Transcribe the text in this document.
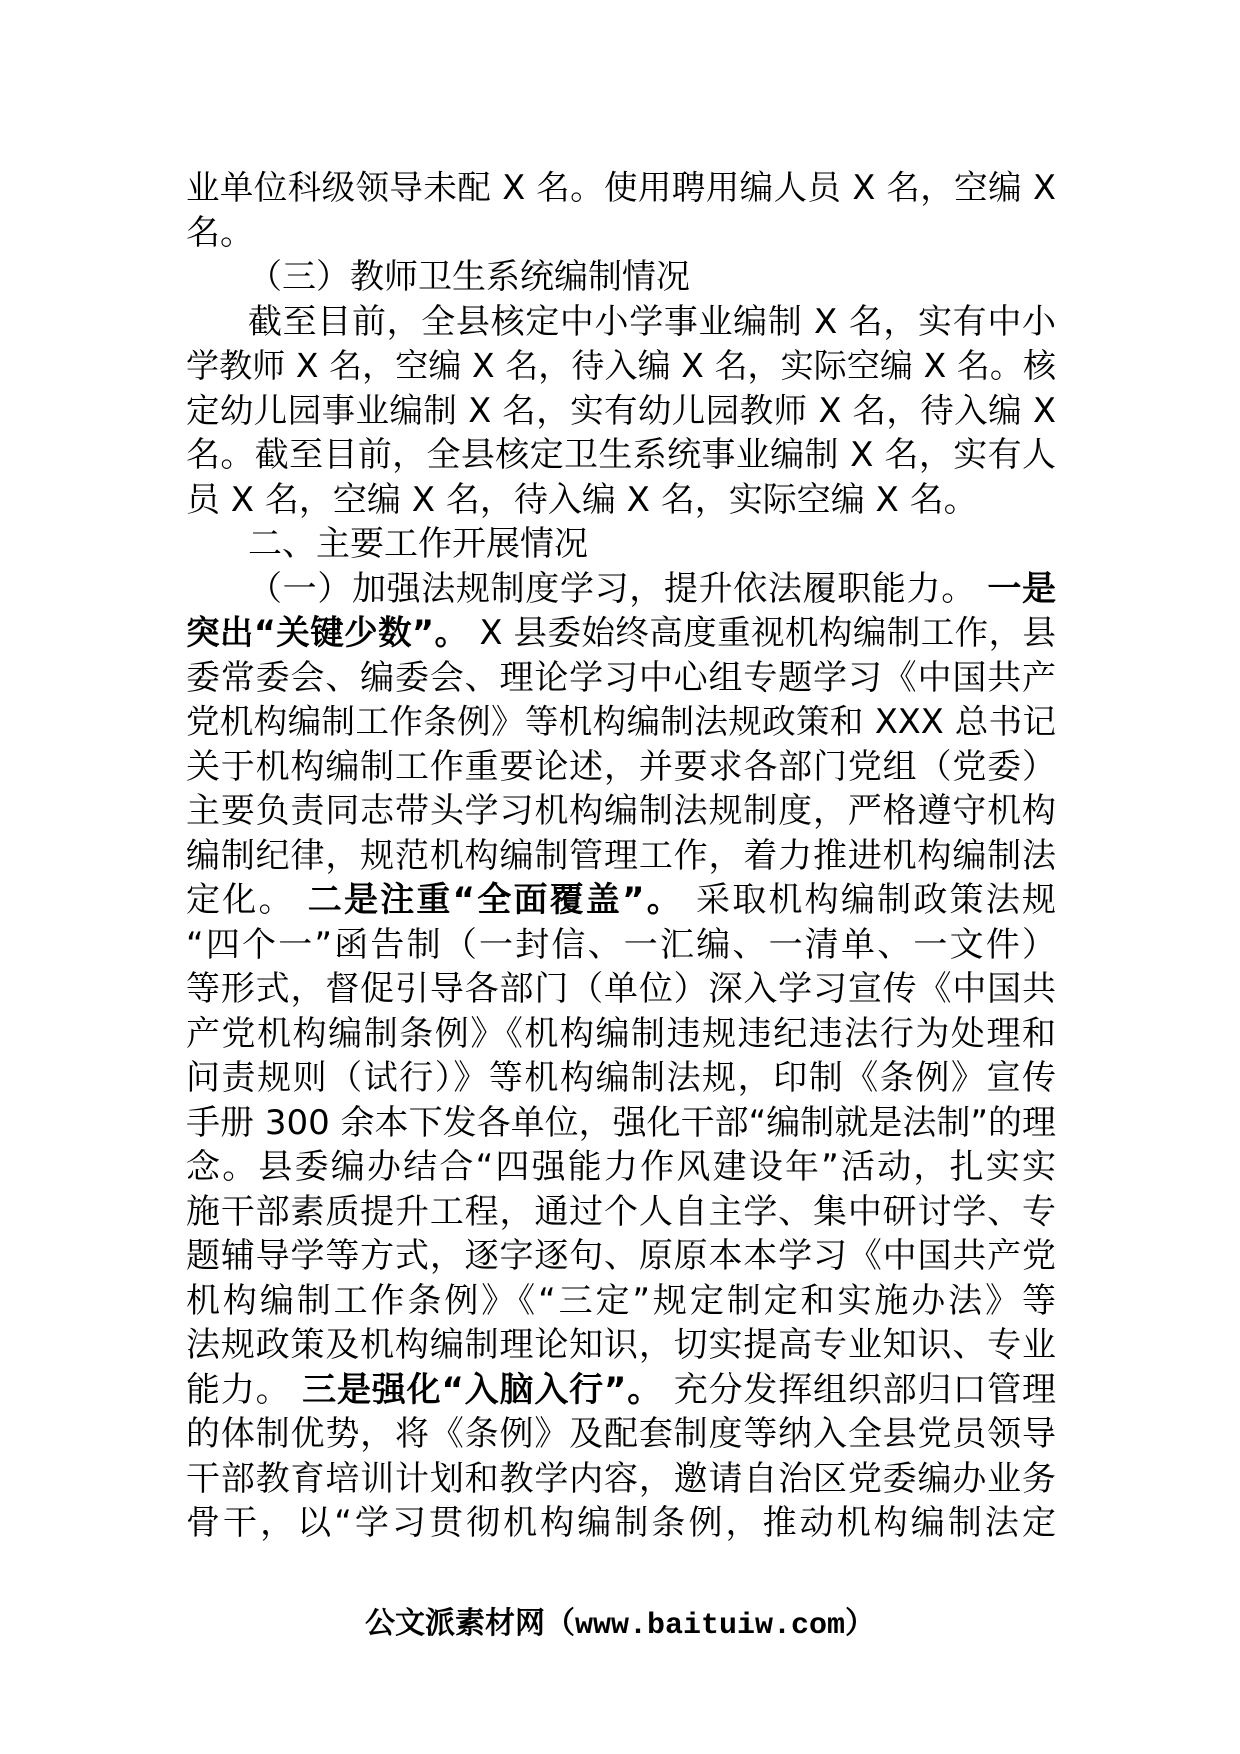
业单位科级领导未配 X 名。使用聘用编人员 X 名，空编 X
名。
（三）教师卫生系统编制情况
截至目前，全县核定中小学事业编制 X 名，实有中小
学教师 X 名，空编 X 名，待入编 X 名，实际空编 X 名。核
定幼儿园事业编制 X 名，实有幼儿园教师 X 名，待入编 X
名。截至目前，全县核定卫生系统事业编制 X 名，实有人
员 X 名，空编 X 名，待入编 X 名，实际空编 X 名。
二、主要工作开展情况
（一）加强法规制度学习，提升依法履职能力。 一是
突出“关键少数”。 X 县委始终高度重视机构编制工作，县
委常委会、编委会、理论学习中心组专题学习《中国共产
党机构编制工作条例》等机构编制法规政策和 XXX 总书记
关于机构编制工作重要论述，并要求各部门党组（党委）
主要负责同志带头学习机构编制法规制度，严格遵守机构
编制纪律，规范机构编制管理工作，着力推进机构编制法
定化。 二是注重“全面覆盖”。 采取机构编制政策法规
“四个一”函告制（一封信、一汇编、一清单、一文件）
等形式，督促引导各部门（单位）深入学习宣传《中国共
产党机构编制条例》《机构编制违规违纪违法行为处理和
问责规则（试行）》等机构编制法规，印制《条例》宣传
手册 300 余本下发各单位，强化干部“编制就是法制”的理
念。县委编办结合“四强能力作风建设年”活动，扎实实
施干部素质提升工程，通过个人自主学、集中研讨学、专
题辅导学等方式，逐字逐句、原原本本学习《中国共产党
机构编制工作条例》《“三定”规定制定和实施办法》等
法规政策及机构编制理论知识，切实提高专业知识、专业
能力。 三是强化“入脑入行”。 充分发挥组织部归口管理
的体制优势，将《条例》及配套制度等纳入全县党员领导
干部教育培训计划和教学内容，邀请自治区党委编办业务
骨干，以“学习贯彻机构编制条例，推动机构编制法定
公文派素材网（www.baituiw.com）
